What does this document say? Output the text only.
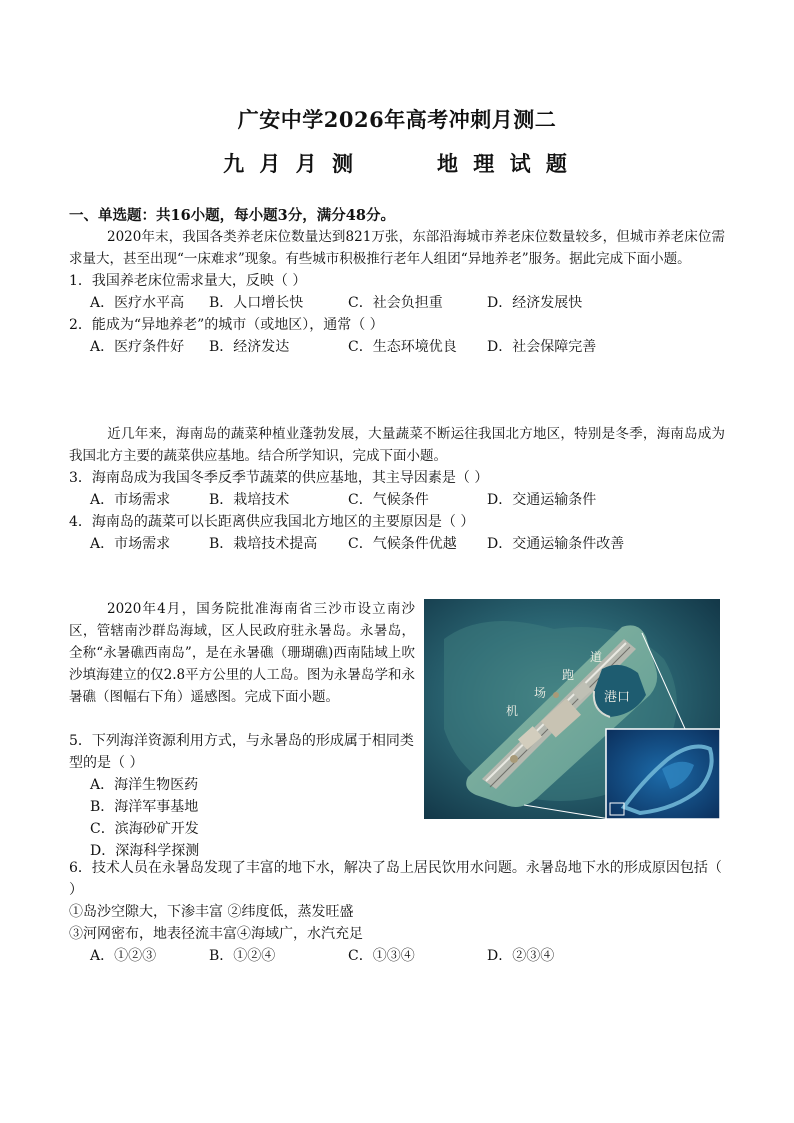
广安中学2026年高考冲刺月测二
九 月 月 测	地 理 试 题
一、单选题：共16小题，每小题3分，满分48分。
2020年末，我国各类养老床位数量达到821万张，东部沿海城市养老床位数量较多，但城市养老床位需求量大，甚至出现“一床难求”现象。有些城市积极推行老年人组团“异地养老”服务。据此完成下面小题。
1．我国养老床位需求量大，反映（ ）
A．医疗水平高	B．人口增长快	C．社会负担重	D．经济发展快
2．能成为“异地养老”的城市（或地区），通常（ ）
A．医疗条件好	B．经济发达	C．生态环境优良	D．社会保障完善
近几年来，海南岛的蔬菜种植业蓬勃发展，大量蔬菜不断运往我国北方地区，特别是冬季，海南岛成为我国北方主要的蔬菜供应基地。结合所学知识，完成下面小题。
3．海南岛成为我国冬季反季节蔬菜的供应基地，其主导因素是（ ）
A．市场需求	B．栽培技术	C．气候条件	D．交通运输条件
4．海南岛的蔬菜可以长距离供应我国北方地区的主要原因是（ ）
A．市场需求	B．栽培技术提高	C．气候条件优越	D．交通运输条件改善
2020年4月，国务院批准海南省三沙市设立南沙区，管辖南沙群岛海域，区人民政府驻永暑岛。永暑岛，全称“永暑礁西南岛”，是在永暑礁（珊瑚礁)西南陆域上吹沙填海建立的仅2.8平方公里的人工岛。图为永暑岛学和永暑礁（图幅右下角）遥感图。完成下面小题。
机
场
跑
道
港口
5．下列海洋资源利用方式，与永暑岛的形成属于相同类型的是（ ）
A．海洋生物医药
B．海洋军事基地
C．滨海砂矿开发
D．深海科学探测
6．技术人员在永暑岛发现了丰富的地下水，解决了岛上居民饮用水问题。永暑岛地下水的形成原因包括（ ）
①岛沙空隙大，下渗丰富 ②纬度低，蒸发旺盛
③河网密布，地表径流丰富④海域广，水汽充足
A．①②③	B．①②④	C．①③④	D．②③④
